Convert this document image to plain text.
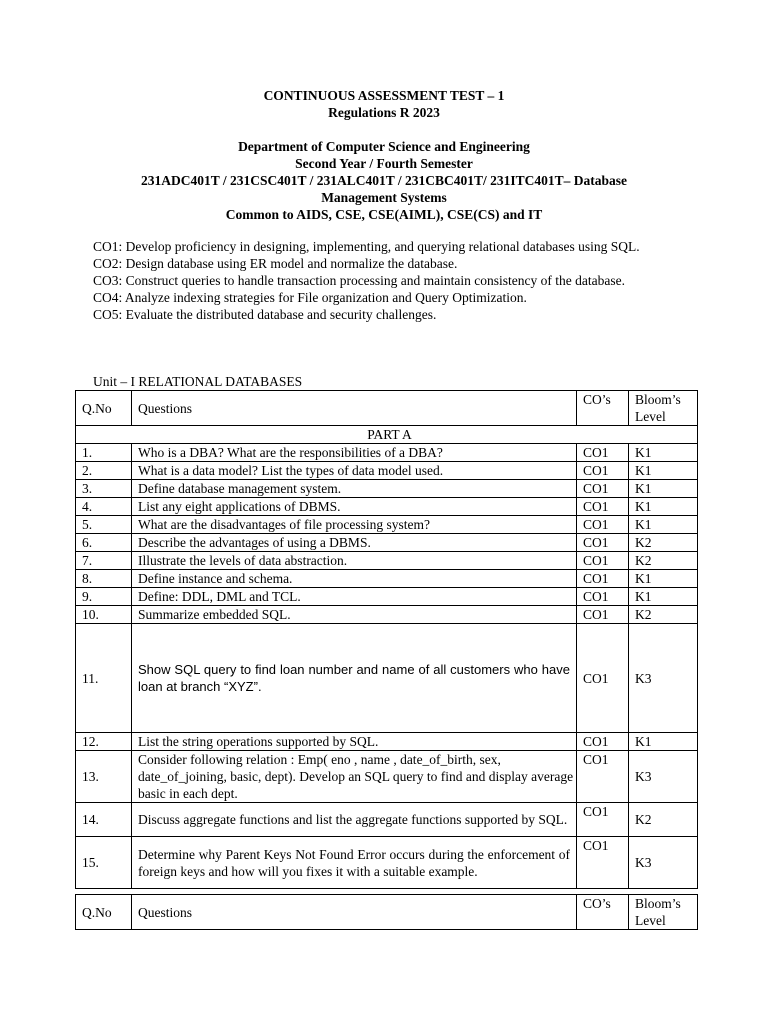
CONTINUOUS ASSESSMENT TEST – 1
Regulations R 2023
Department of Computer Science and Engineering
Second Year / Fourth Semester
231ADC401T / 231CSC401T / 231ALC401T / 231CBC401T/ 231ITC401T– Database
Management Systems
Common to AIDS, CSE, CSE(AIML), CSE(CS) and IT
CO1: Develop proficiency in designing, implementing, and querying relational databases using SQL.
CO2: Design database using ER model and normalize the database.
CO3: Construct queries to handle transaction processing and maintain consistency of the database.
CO4: Analyze indexing strategies for File organization and Query Optimization.
CO5: Evaluate the distributed database and security challenges.
Unit – I RELATIONAL DATABASES
Q.No	Questions	CO’s	Bloom’s Level
PART A			
1.	Who is a DBA? What are the responsibilities of a DBA?	CO1	K1
2.	What is a data model? List the types of data model used.	CO1	K1
3.	Define database management system.	CO1	K1
4.	List any eight applications of DBMS.	CO1	K1
5.	What are the disadvantages of file processing system?	CO1	K1
6.	Describe the advantages of using a DBMS.	CO1	K2
7.	Illustrate the levels of data abstraction.	CO1	K2
8.	Define instance and schema.	CO1	K1
9.	Define: DDL, DML and TCL.	CO1	K1
10.	Summarize embedded SQL.	CO1	K2
11.	Show SQL query to find loan number and name of all customers who have loan at branch “XYZ”.	CO1	K3
12.	List the string operations supported by SQL.	CO1	K1
13.	Consider following relation : Emp( eno , name , date_of_birth, sex, date_of_joining, basic, dept). Develop an SQL query to find and display average basic in each dept.	CO1	K3
14.	Discuss aggregate functions and list the aggregate functions supported by SQL.	CO1	K2
15.	Determine why Parent Keys Not Found Error occurs during the enforcement of foreign keys and how will you fixes it with a suitable example.	CO1	K3
Q.No	Questions	CO’s	Bloom’s Level
